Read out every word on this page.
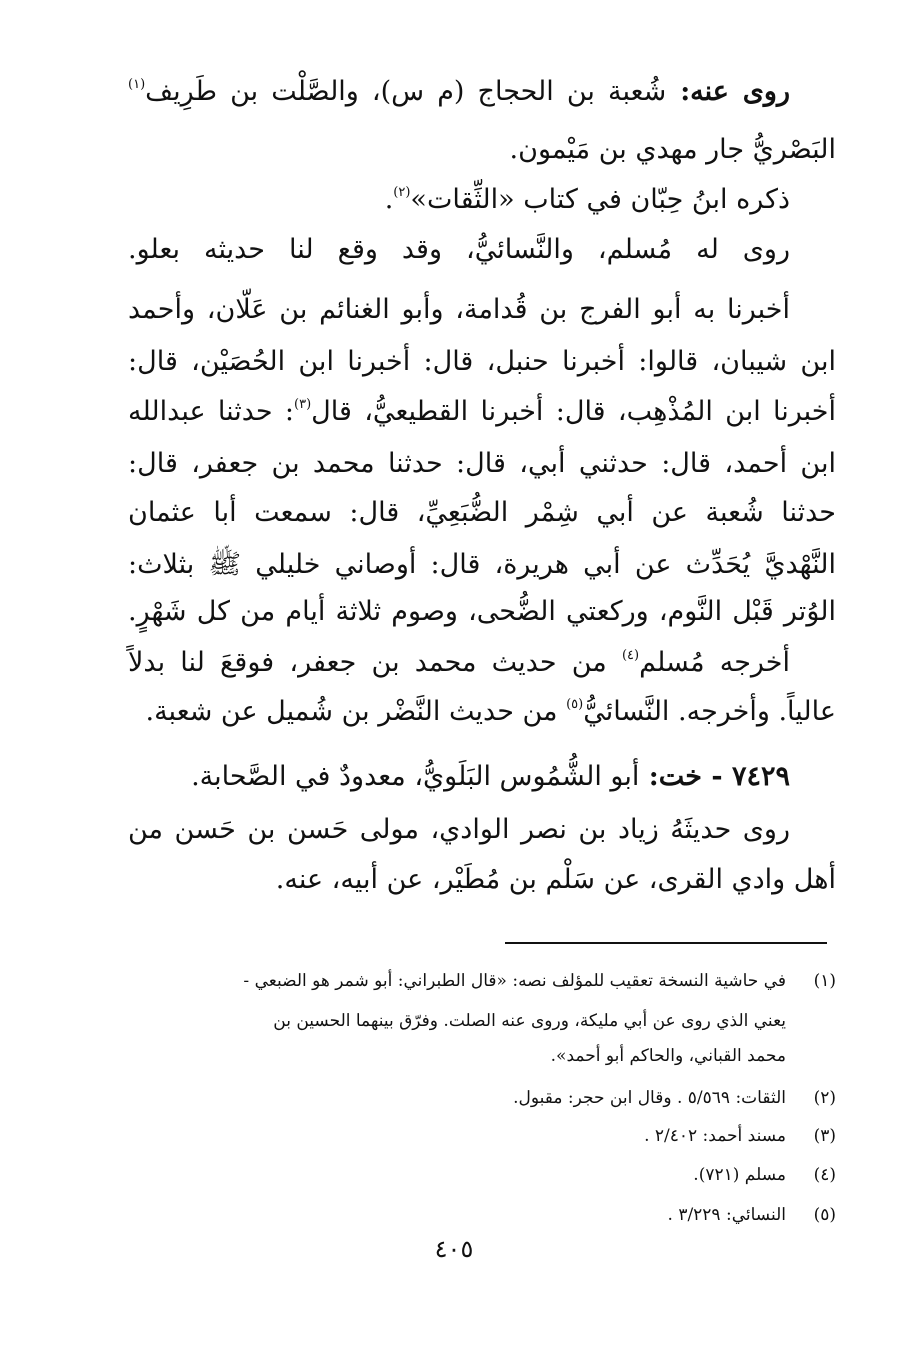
روى عنه: شُعبة بن الحجاج (م س)، والصَّلْت بن طَرِيف$^{(١)}$
البَصْريُّ جار مهدي بن مَيْمون.
ذكره ابنُ حِبّان في كتاب «الثِّقات»$^{(٢)}$.
روى له مُسلم، والنَّسائيُّ، وقد وقع لنا حديثه بعلو.
أخبرنا به أبو الفرج بن قُدامة، وأبو الغنائم بن عَلّان، وأحمد
ابن شيبان، قالوا: أخبرنا حنبل، قال: أخبرنا ابن الحُصَيْن، قال:
أخبرنا ابن المُذْهِب، قال: أخبرنا القطيعيُّ، قال$^{(٣)}$: حدثنا عبدالله
ابن أحمد، قال: حدثني أبي، قال: حدثنا محمد بن جعفر، قال:
حدثنا شُعبة عن أبي شِمْر الضُّبَعِيِّ، قال: سمعت أبا عثمان
النَّهْديَّ يُحَدِّث عن أبي هريرة، قال: أوصاني خليلي ﷺ بثلاث:
الوُتر قَبْل النَّوم، وركعتي الضُّحى، وصوم ثلاثة أيام من كل شَهْرٍ.
أخرجه مُسلم$^{(٤)}$ من حديث محمد بن جعفر، فوقعَ لنا بدلاً
عالياً. وأخرجه. النَّسائيُّ$^{(٥)}$ من حديث النَّضْر بن شُميل عن شعبة.
٧٤٢٩ - خت: أبو الشُّمُوس البَلَويُّ، معدودٌ في الصَّحابة.
روى حديثَهُ زياد بن نصر الوادي، مولى حَسن بن حَسن من
أهل وادي القرى، عن سَلْم بن مُطَيْر، عن أبيه، عنه.
(١)في حاشية النسخة تعقيب للمؤلف نصه: «قال الطبراني: أبو شمر هو الضبعي -
يعني الذي روى عن أبي مليكة، وروى عنه الصلت. وفرّق بينهما الحسين بن
محمد القباني، والحاكم أبو أحمد».
(٢)الثقات: ٥/٥٦٩ . وقال ابن حجر: مقبول.
(٣)مسند أحمد: ٢/٤٠٢ .
(٤)مسلم (٧٢١).
(٥)النسائي: ٣/٢٢٩ .
٤٠٥
